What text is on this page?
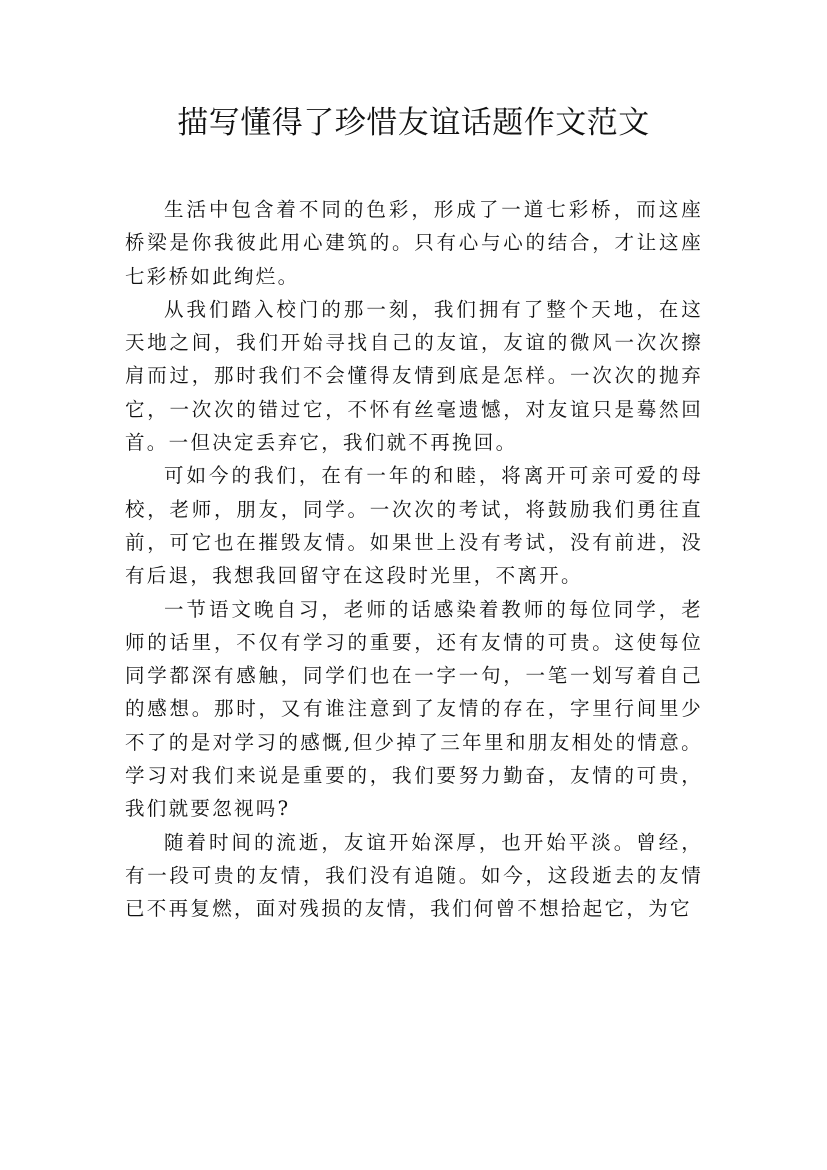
描写懂得了珍惜友谊话题作文范文

生活中包含着不同的色彩，形成了一道七彩桥，而这座桥梁是你我彼此用心建筑的。只有心与心的结合，才让这座七彩桥如此绚烂。

从我们踏入校门的那一刻，我们拥有了整个天地，在这天地之间，我们开始寻找自己的友谊，友谊的微风一次次擦肩而过，那时我们不会懂得友情到底是怎样。一次次的抛弃它，一次次的错过它，不怀有丝毫遗憾，对友谊只是蓦然回首。一但决定丢弃它，我们就不再挽回。

可如今的我们，在有一年的和睦，将离开可亲可爱的母校，老师，朋友，同学。一次次的考试，将鼓励我们勇往直前，可它也在摧毁友情。如果世上没有考试，没有前进，没有后退，我想我回留守在这段时光里，不离开。

一节语文晚自习，老师的话感染着教师的每位同学，老师的话里，不仅有学习的重要，还有友情的可贵。这使每位同学都深有感触，同学们也在一字一句，一笔一划写着自己的感想。那时，又有谁注意到了友情的存在，字里行间里少不了的是对学习的感慨,但少掉了三年里和朋友相处的情意。学习对我们来说是重要的，我们要努力勤奋，友情的可贵，我们就要忽视吗?

随着时间的流逝，友谊开始深厚，也开始平淡。曾经，有一段可贵的友情，我们没有追随。如今，这段逝去的友情已不再复燃，面对残损的友情，我们何曾不想拾起它，为它
